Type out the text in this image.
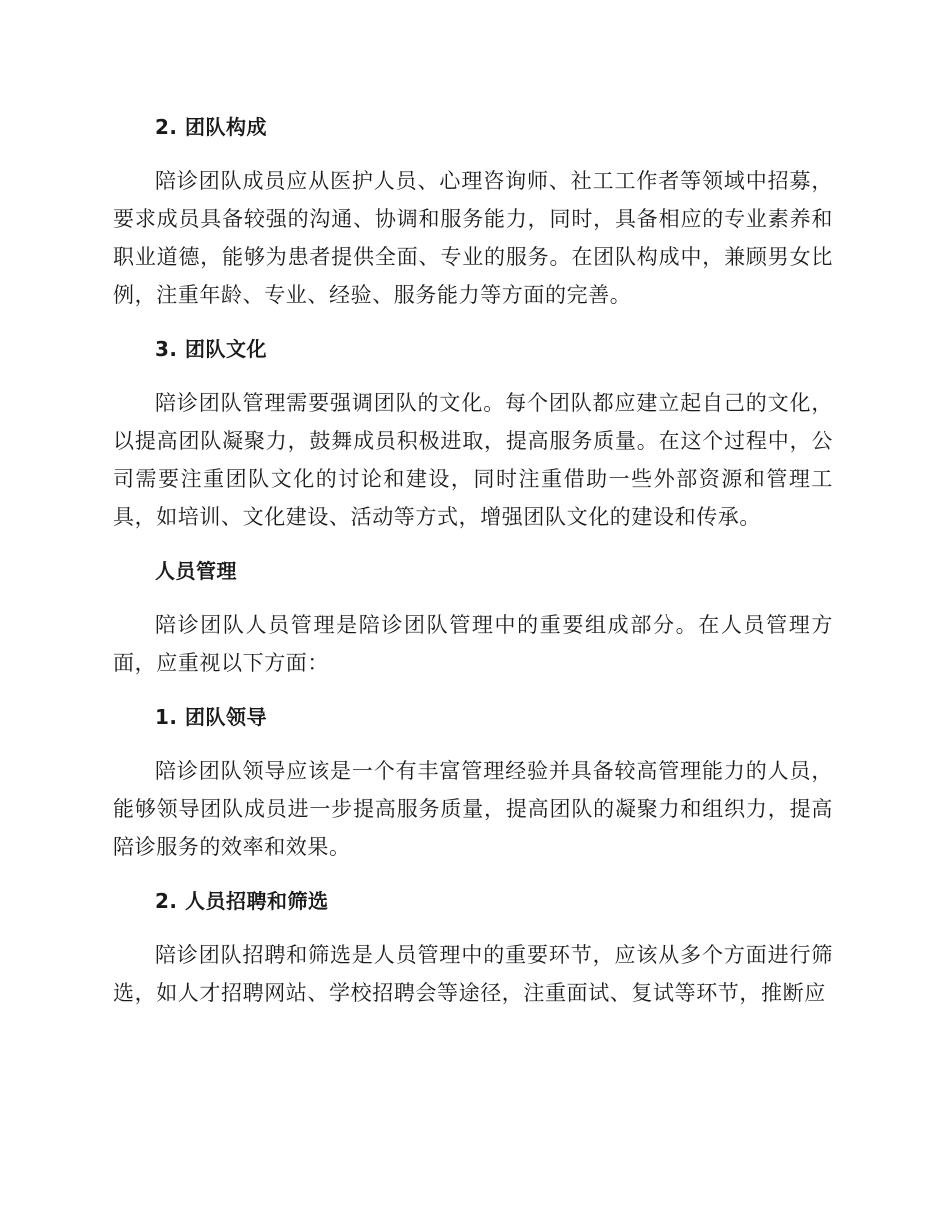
2. 团队构成

陪诊团队成员应从医护人员、心理咨询师、社工工作者等领域中招募，要求成员具备较强的沟通、协调和服务能力，同时，具备相应的专业素养和职业道德，能够为患者提供全面、专业的服务。在团队构成中，兼顾男女比例，注重年龄、专业、经验、服务能力等方面的完善。

3. 团队文化

陪诊团队管理需要强调团队的文化。每个团队都应建立起自己的文化，以提高团队凝聚力，鼓舞成员积极进取，提高服务质量。在这个过程中，公司需要注重团队文化的讨论和建设，同时注重借助一些外部资源和管理工具，如培训、文化建设、活动等方式，增强团队文化的建设和传承。

人员管理

陪诊团队人员管理是陪诊团队管理中的重要组成部分。在人员管理方面，应重视以下方面：

1. 团队领导

陪诊团队领导应该是一个有丰富管理经验并具备较高管理能力的人员，能够领导团队成员进一步提高服务质量，提高团队的凝聚力和组织力，提高陪诊服务的效率和效果。

2. 人员招聘和筛选

陪诊团队招聘和筛选是人员管理中的重要环节，应该从多个方面进行筛选，如人才招聘网站、学校招聘会等途径，注重面试、复试等环节，推断应
